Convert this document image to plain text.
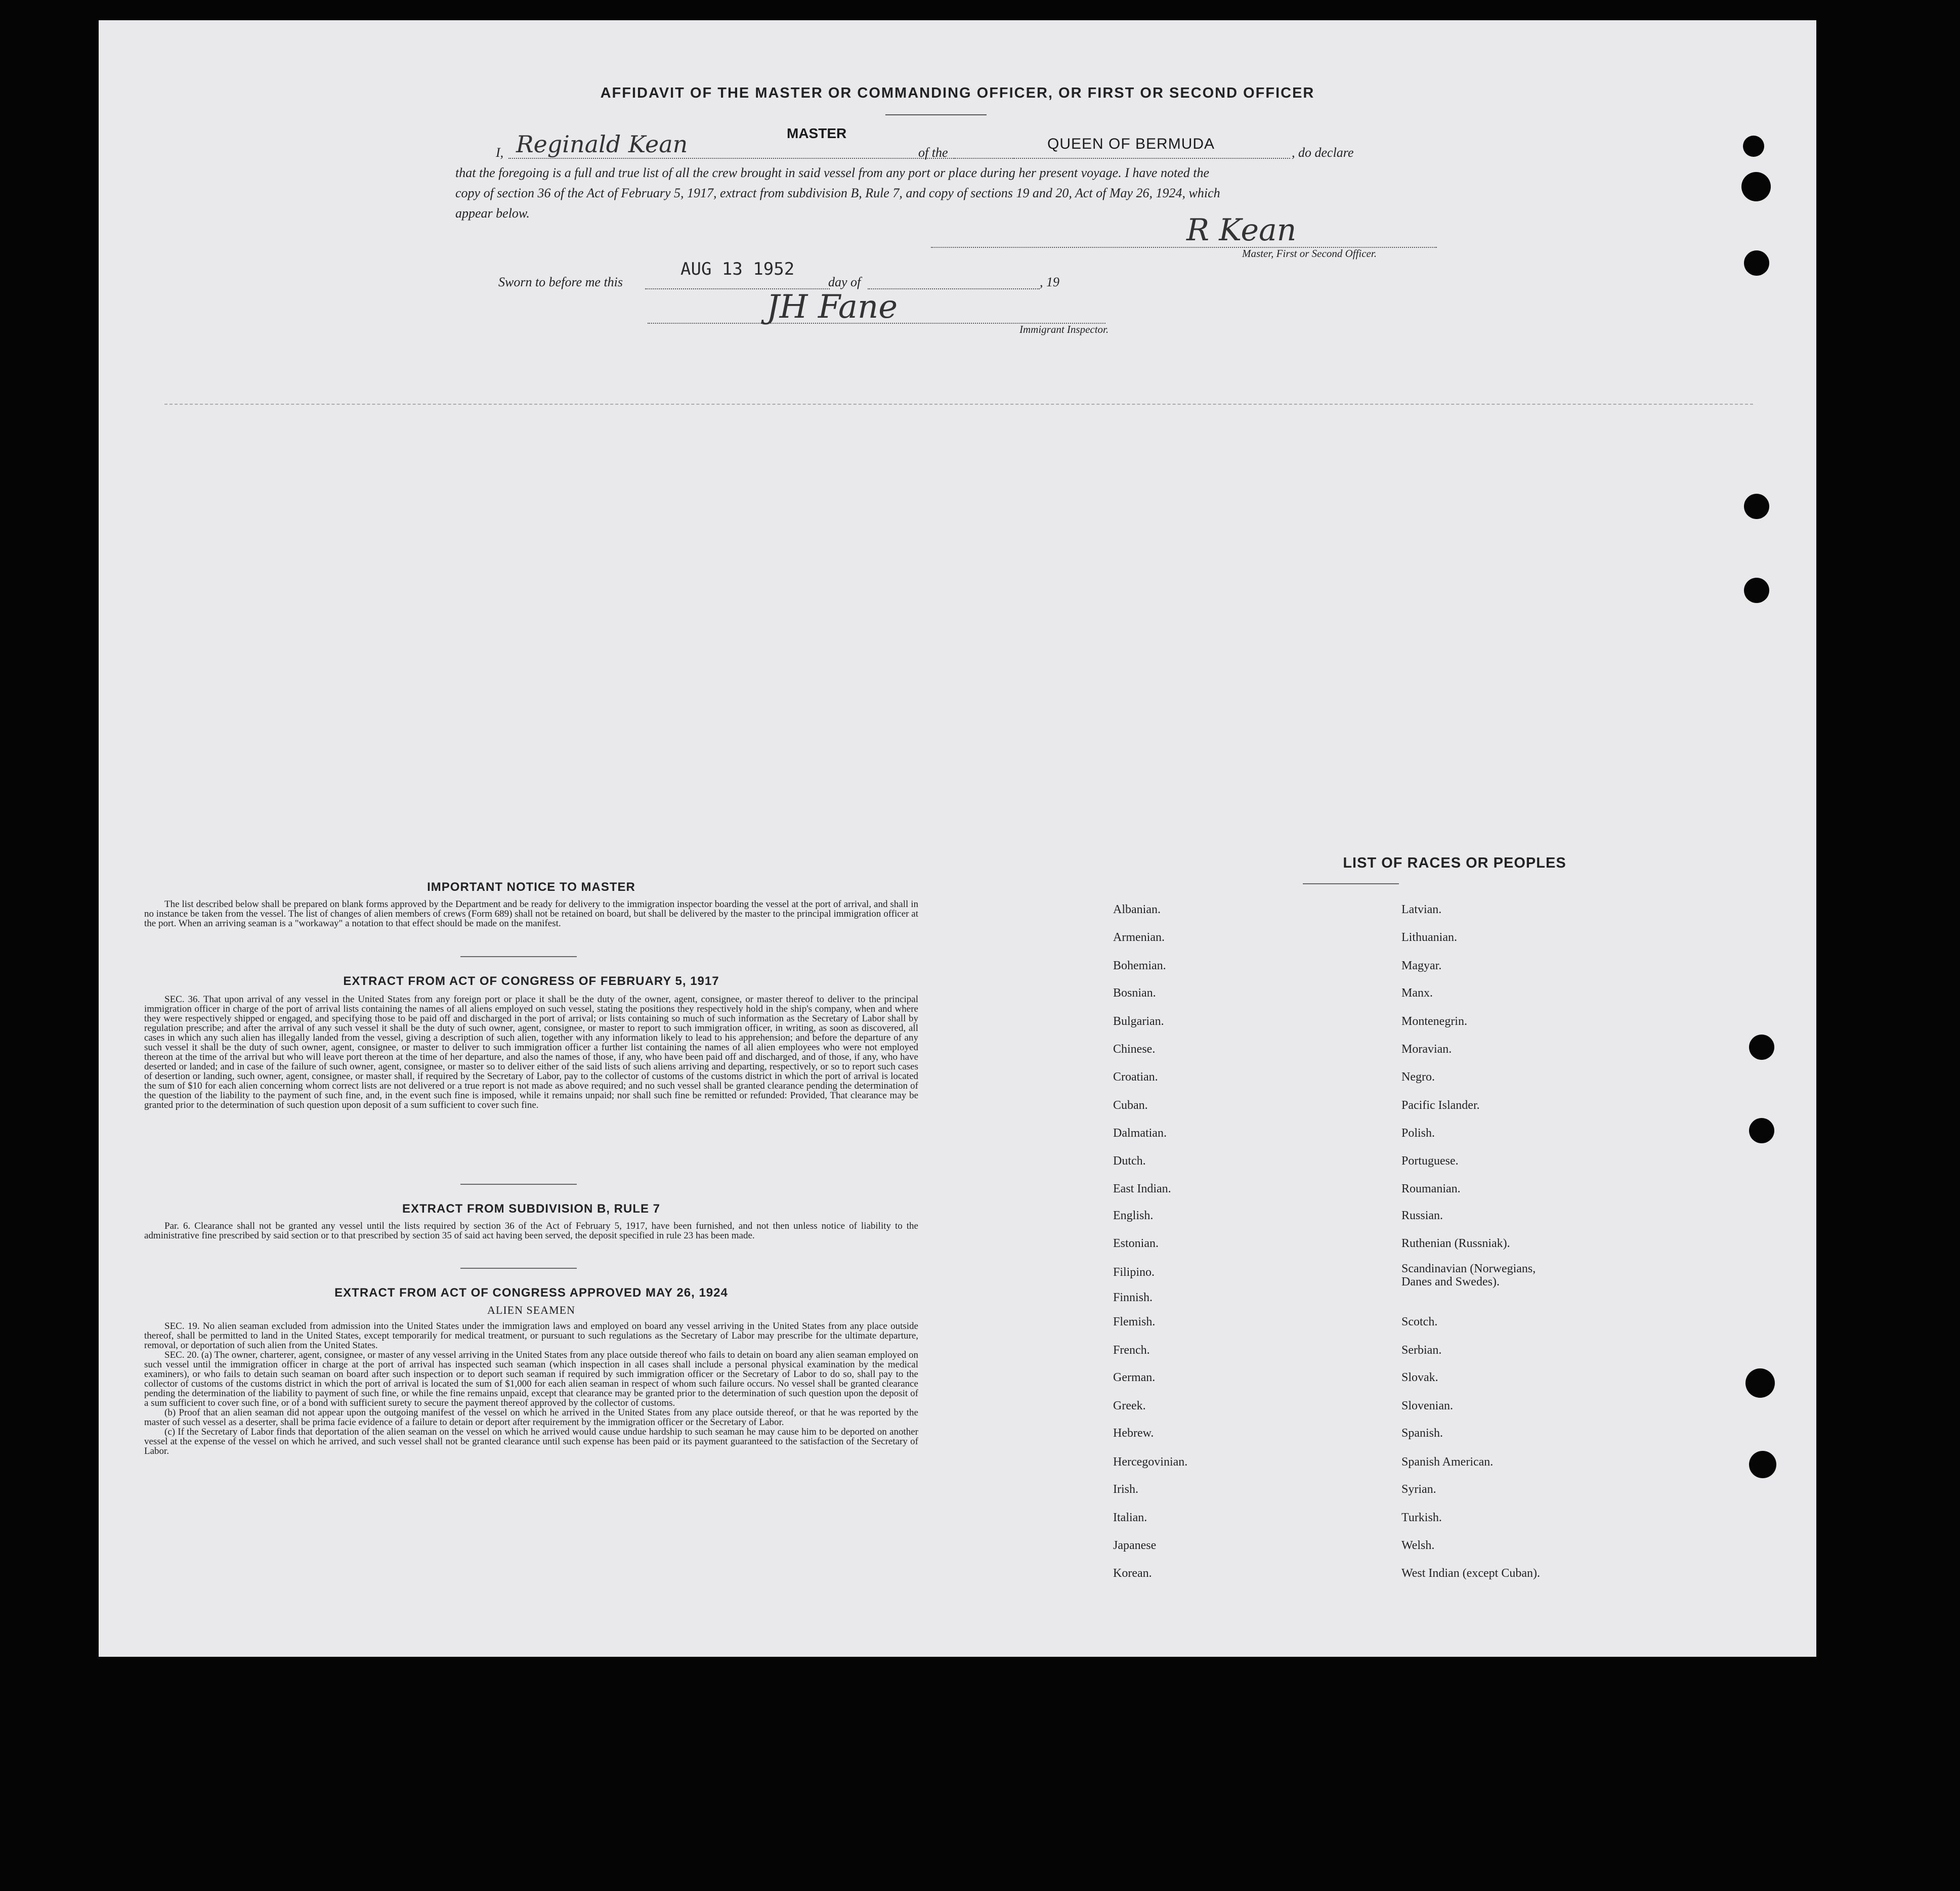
AFFIDAVIT OF THE MASTER OR COMMANDING OFFICER, OR FIRST OR SECOND OFFICER
I, Reginald Kean	MASTER
of the
QUEEN OF BERMUDA
, do declare
that the foregoing is a full and true list of all the crew brought in said vessel from any port or place during her present voyage. I have noted the
copy of section 36 of the Act of February 5, 1917, extract from subdivision B, Rule 7, and copy of sections 19 and 20, Act of May 26, 1924, which
appear below.	R Kean
Master, First or Second Officer.
Sworn to before me this
AUG 13 1952
day of	, 19
JH Fane
Immigrant Inspector.
IMPORTANT NOTICE TO MASTER
The list described below shall be prepared on blank forms approved by the Department and be ready for delivery to the immigration inspector boarding the vessel at the port of arrival, and shall in no instance be taken from the vessel. The list of changes of alien members of crews (Form 689) shall not be retained on board, but shall be delivered by the master to the principal immigration officer at the port. When an arriving seaman is a "workaway" a notation to that effect should be made on the manifest.
EXTRACT FROM ACT OF CONGRESS OF FEBRUARY 5, 1917
SEC. 36. That upon arrival of any vessel in the United States from any foreign port or place it shall be the duty of the owner, agent, consignee, or master thereof to deliver to the principal immigration officer in charge of the port of arrival lists containing the names of all aliens employed on such vessel, stating the positions they respectively hold in the ship's company, when and where they were respectively shipped or engaged, and specifying those to be paid off and discharged in the port of arrival; or lists containing so much of such information as the Secretary of Labor shall by regulation prescribe; and after the arrival of any such vessel it shall be the duty of such owner, agent, consignee, or master to report to such immigration officer, in writing, as soon as discovered, all cases in which any such alien has illegally landed from the vessel, giving a description of such alien, together with any information likely to lead to his apprehension; and before the departure of any such vessel it shall be the duty of such owner, agent, consignee, or master to deliver to such immigration officer a further list containing the names of all alien employees who were not employed thereon at the time of the arrival but who will leave port thereon at the time of her departure, and also the names of those, if any, who have been paid off and discharged, and of those, if any, who have deserted or landed; and in case of the failure of such owner, agent, consignee, or master so to deliver either of the said lists of such aliens arriving and departing, respectively, or so to report such cases of desertion or landing, such owner, agent, consignee, or master shall, if required by the Secretary of Labor, pay to the collector of customs of the customs district in which the port of arrival is located the sum of $10 for each alien concerning whom correct lists are not delivered or a true report is not made as above required; and no such vessel shall be granted clearance pending the determination of the question of the liability to the payment of such fine, and, in the event such fine is imposed, while it remains unpaid; nor shall such fine be remitted or refunded: Provided, That clearance may be granted prior to the determination of such question upon deposit of a sum sufficient to cover such fine.
EXTRACT FROM SUBDIVISION B, RULE 7
Par. 6. Clearance shall not be granted any vessel until the lists required by section 36 of the Act of February 5, 1917, have been furnished, and not then unless notice of liability to the administrative fine prescribed by said section or to that prescribed by section 35 of said act having been served, the deposit specified in rule 23 has been made.
EXTRACT FROM ACT OF CONGRESS APPROVED MAY 26, 1924
ALIEN SEAMEN
SEC. 19. No alien seaman excluded from admission into the United States under the immigration laws and employed on board any vessel arriving in the United States from any place outside thereof, shall be permitted to land in the United States, except temporarily for medical treatment, or pursuant to such regulations as the Secretary of Labor may prescribe for the ultimate departure, removal, or deportation of such alien from the United States.
SEC. 20. (a) The owner, charterer, agent, consignee, or master of any vessel arriving in the United States from any place outside thereof who fails to detain on board any alien seaman employed on such vessel until the immigration officer in charge at the port of arrival has inspected such seaman (which inspection in all cases shall include a personal physical examination by the medical examiners), or who fails to detain such seaman on board after such inspection or to deport such seaman if required by such immigration officer or the Secretary of Labor to do so, shall pay to the collector of customs of the customs district in which the port of arrival is located the sum of $1,000 for each alien seaman in respect of whom such failure occurs. No vessel shall be granted clearance pending the determination of the liability to payment of such fine, or while the fine remains unpaid, except that clearance may be granted prior to the determination of such question upon the deposit of a sum sufficient to cover such fine, or of a bond with sufficient surety to secure the payment thereof approved by the collector of customs.
(b) Proof that an alien seaman did not appear upon the outgoing manifest of the vessel on which he arrived in the United States from any place outside thereof, or that he was reported by the master of such vessel as a deserter, shall be prima facie evidence of a failure to detain or deport after requirement by the immigration officer or the Secretary of Labor.
(c) If the Secretary of Labor finds that deportation of the alien seaman on the vessel on which he arrived would cause undue hardship to such seaman he may cause him to be deported on another vessel at the expense of the vessel on which he arrived, and such vessel shall not be granted clearance until such expense has been paid or its payment guaranteed to the satisfaction of the Secretary of Labor.
LIST OF RACES OR PEOPLES
Albanian.
Armenian.
Bohemian.
Bosnian.
Bulgarian.
Chinese.
Croatian.
Cuban.
Dalmatian.
Dutch.
East Indian.
English.
Estonian.
Filipino.
Finnish.
Flemish.
French.
German.
Greek.
Hebrew.
Hercegovinian.
Irish.
Italian.
Japanese
Korean.
Latvian.
Lithuanian.
Magyar.
Manx.
Montenegrin.
Moravian.
Negro.
Pacific Islander.
Polish.
Portuguese.
Roumanian.
Russian.
Ruthenian (Russniak).
Scandinavian (Norwegians, Danes and Swedes).
Scotch.
Serbian.
Slovak.
Slovenian.
Spanish.
Spanish American.
Syrian.
Turkish.
Welsh.
West Indian (except Cuban).
